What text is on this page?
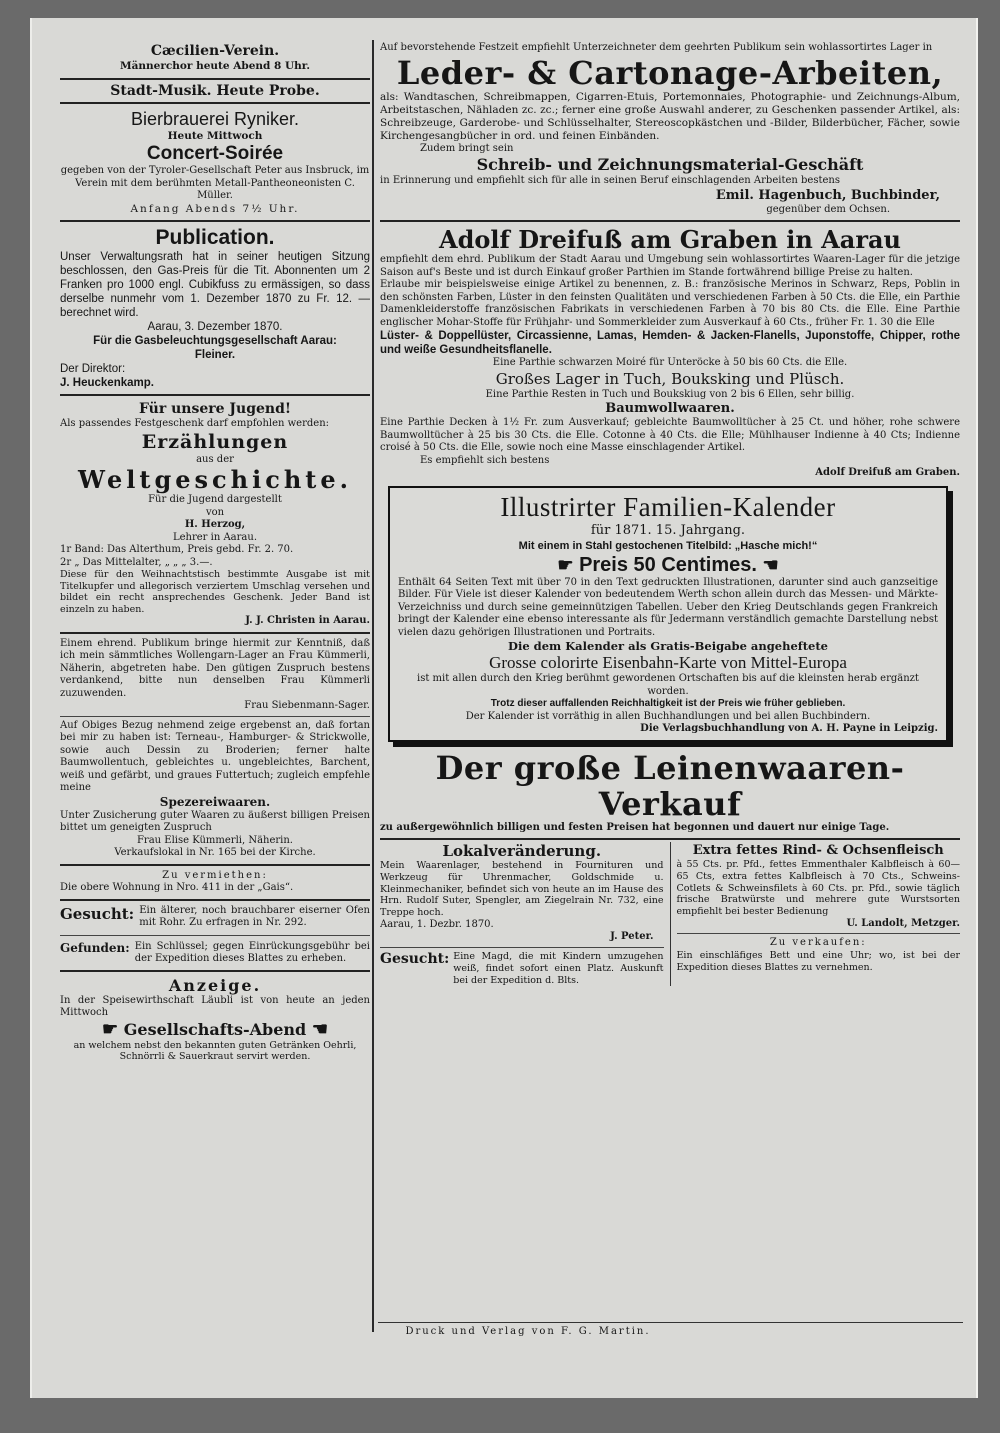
Cæcilien-Verein.
Männerchor heute Abend 8 Uhr.
Stadt-Musik. Heute Probe.
Bierbrauerei Ryniker.
Heute Mittwoch
Concert-Soirée
gegeben von der Tyroler-Gesellschaft Peter aus Insbruck, im Verein mit dem berühmten Metall-Pantheoneonisten C. Müller.
Anfang Abends 7½ Uhr.
Publication.
Unser Verwaltungsrath hat in seiner heutigen Sitzung beschlossen, den Gas-Preis für die Tit. Abonnenten um 2 Franken pro 1000 engl. Cubikfuss zu ermässigen, so dass derselbe nunmehr vom 1. Dezember 1870 zu Fr. 12. — berechnet wird.
Aarau, 3. Dezember 1870.
Für die Gasbeleuchtungsgesellschaft Aarau:
Fleiner.
Der Direktor:
J. Heuckenkamp.
Für unsere Jugend!
Als passendes Festgeschenk darf empfohlen werden:
Erzählungen
aus der
Weltgeschichte.
Für die Jugend dargestellt
von
H. Herzog,
Lehrer in Aarau.
1r Band: Das Alterthum, Preis gebd. Fr. 2. 70.
2r „ Das Mittelalter, „ „ „ 3.—.
Diese für den Weihnachtstisch bestimmte Ausgabe ist mit Titelkupfer und allegorisch verziertem Umschlag versehen und bildet ein recht ansprechendes Geschenk. Jeder Band ist einzeln zu haben.
J. J. Christen in Aarau.
Einem ehrend. Publikum bringe hiermit zur Kenntniß, daß ich mein sämmtliches Wollengarn-Lager an Frau Kümmerli, Näherin, abgetreten habe. Den gütigen Zuspruch bestens verdankend, bitte nun denselben Frau Kümmerli zuzuwenden.
Frau Siebenmann-Sager.
Auf Obiges Bezug nehmend zeige ergebenst an, daß fortan bei mir zu haben ist: Terneau-, Hamburger- & Strickwolle, sowie auch Dessin zu Broderien; ferner halte Baumwollentuch, gebleichtes u. ungebleichtes, Barchent, weiß und gefärbt, und graues Futtertuch; zugleich empfehle meine
Spezereiwaaren.
Unter Zusicherung guter Waaren zu äußerst billigen Preisen bittet um geneigten Zuspruch
Frau Elise Kümmerli, Näherin.
Verkaufslokal in Nr. 165 bei der Kirche.
Zu vermiethen:
Die obere Wohnung in Nro. 411 in der „Gais“.
Gesucht: Ein älterer, noch brauchbarer eiserner Ofen mit Rohr. Zu erfragen in Nr. 292.
Gefunden: Ein Schlüssel; gegen Einrückungsgebühr bei der Expedition dieses Blattes zu erheben.
Anzeige.
In der Speisewirthschaft Läubli ist von heute an jeden Mittwoch
☛ Gesellschafts-Abend ☚
an welchem nebst den bekannten guten Getränken Oehrli, Schnörrli & Sauerkraut servirt werden.
Auf bevorstehende Festzeit empfiehlt Unterzeichneter dem geehrten Publikum sein wohlassortirtes Lager in
Leder- & Cartonage-Arbeiten,
als: Wandtaschen, Schreibmappen, Cigarren-Etuis, Portemonnaies, Photographie- und Zeichnungs-Album, Arbeitstaschen, Nähladen zc. zc.; ferner eine große Auswahl anderer, zu Geschenken passender Artikel, als: Schreibzeuge, Garderobe- und Schlüsselhalter, Stereoscopkästchen und -Bilder, Bilderbücher, Fächer, sowie Kirchengesangbücher in ord. und feinen Einbänden.
Zudem bringt sein
Schreib- und Zeichnungsmaterial-Geschäft
in Erinnerung und empfiehlt sich für alle in seinen Beruf einschlagenden Arbeiten bestens
Emil. Hagenbuch, Buchbinder,
gegenüber dem Ochsen.
Adolf Dreifuß am Graben in Aarau
empfiehlt dem ehrd. Publikum der Stadt Aarau und Umgebung sein wohlassortirtes Waaren-Lager für die jetzige Saison auf's Beste und ist durch Einkauf großer Parthien im Stande fortwährend billige Preise zu halten.
Erlaube mir beispielsweise einige Artikel zu benennen, z. B.: französische Merinos in Schwarz, Reps, Poblin in den schönsten Farben, Lüster in den feinsten Qualitäten und verschiedenen Farben à 50 Cts. die Elle, ein Parthie Damenkleiderstoffe französischen Fabrikats in verschiedenen Farben à 70 bis 80 Cts. die Elle. Eine Parthie englischer Mohar-Stoffe für Frühjahr- und Sommerkleider zum Ausverkauf à 60 Cts., früher Fr. 1. 30 die Elle
Lüster- & Doppellüster, Circassienne, Lamas, Hemden- & Jacken-Flanells, Juponstoffe, Chipper, rothe und weiße Gesundheitsflanelle.
Eine Parthie schwarzen Moiré für Unteröcke à 50 bis 60 Cts. die Elle.
Großes Lager in Tuch, Bouksking und Plüsch.
Eine Parthie Resten in Tuch und Boukskiug von 2 bis 6 Ellen, sehr billig.
Baumwollwaaren.
Eine Parthie Decken à 1½ Fr. zum Ausverkauf; gebleichte Baumwolltücher à 25 Ct. und höher, rohe schwere Baumwolltücher à 25 bis 30 Cts. die Elle. Cotonne à 40 Cts. die Elle; Mühlhauser Indienne à 40 Cts; Indienne croisé à 50 Cts. die Elle, sowie noch eine Masse einschlagender Artikel.
Es empfiehlt sich bestens
Adolf Dreifuß am Graben.
Illustrirter Familien-Kalender
für 1871. 15. Jahrgang.
Mit einem in Stahl gestochenen Titelbild: „Hasche mich!“
☛ Preis 50 Centimes. ☚
Enthält 64 Seiten Text mit über 70 in den Text gedruckten Illustrationen, darunter sind auch ganzseitige Bilder. Für Viele ist dieser Kalender von bedeutendem Werth schon allein durch das Messen- und Märkte-Verzeichniss und durch seine gemeinnützigen Tabellen. Ueber den Krieg Deutschlands gegen Frankreich bringt der Kalender eine ebenso interessante als für Jedermann verständlich gemachte Darstellung nebst vielen dazu gehörigen Illustrationen und Portraits.
Die dem Kalender als Gratis-Beigabe angeheftete
Grosse colorirte Eisenbahn-Karte von Mittel-Europa
ist mit allen durch den Krieg berühmt gewordenen Ortschaften bis auf die kleinsten herab ergänzt worden.
Trotz dieser auffallenden Reichhaltigkeit ist der Preis wie früher geblieben.
Der Kalender ist vorräthig in allen Buchhandlungen und bei allen Buchbindern.
Die Verlagsbuchhandlung von A. H. Payne in Leipzig.
Der große Leinenwaaren-Verkauf
zu außergewöhnlich billigen und festen Preisen hat begonnen und dauert nur einige Tage.
Lokalveränderung.
Mein Waarenlager, bestehend in Fournituren und Werkzeug für Uhrenmacher, Goldschmide u. Kleinmechaniker, befindet sich von heute an im Hause des Hrn. Rudolf Suter, Spengler, am Ziegelrain Nr. 732, eine Treppe hoch.
Aarau, 1. Dezbr. 1870.
J. Peter.
Gesucht: Eine Magd, die mit Kindern umzugehen weiß, findet sofort einen Platz. Auskunft bei der Expedition d. Blts.
Extra fettes Rind- & Ochsenfleisch
à 55 Cts. pr. Pfd., fettes Emmenthaler Kalbfleisch à 60—65 Cts, extra fettes Kalbfleisch à 70 Cts., Schweins-Cotlets & Schweinsfilets à 60 Cts. pr. Pfd., sowie täglich frische Bratwürste und mehrere gute Wurstsorten empfiehlt bei bester Bedienung
U. Landolt, Metzger.
Zu verkaufen:
Ein einschläfiges Bett und eine Uhr; wo, ist bei der Expedition dieses Blattes zu vernehmen.
Druck und Verlag von F. G. Martin.
